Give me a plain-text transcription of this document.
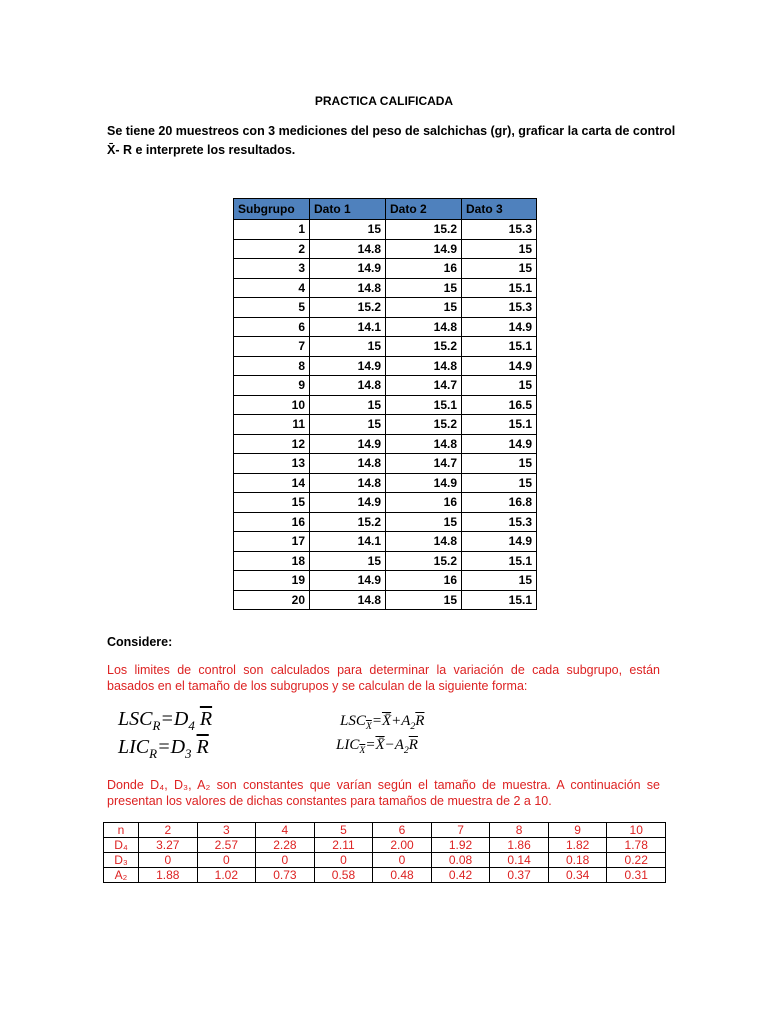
PRACTICA CALIFICADA
Se tiene 20 muestreos con 3 mediciones del peso de salchichas (gr), graficar la carta de control X̄- R e interprete los resultados.
Subgrupo	Dato 1	Dato 2	Dato 3
1	15	15.2	15.3
2	14.8	14.9	15
3	14.9	16	15
4	14.8	15	15.1
5	15.2	15	15.3
6	14.1	14.8	14.9
7	15	15.2	15.1
8	14.9	14.8	14.9
9	14.8	14.7	15
10	15	15.1	16.5
11	15	15.2	15.1
12	14.9	14.8	14.9
13	14.8	14.7	15
14	14.8	14.9	15
15	14.9	16	16.8
16	15.2	15	15.3
17	14.1	14.8	14.9
18	15	15.2	15.1
19	14.9	16	15
20	14.8	15	15.1
Considere:
Los limites de control son calculados para determinar la variación de cada subgrupo, están basados en el tamaño de los subgrupos y se calculan de la siguiente forma:
$LSC_R=D_4$ $\overline{R}$
$LIC_R=D_3$ $\overline{R}$
$LSC_{\overline{X}}=X̄+A_2\overline{R}$
$LIC_{\overline{X}}=X̄-A_2\overline{R}$
Donde D₄, D₃, A₂ son constantes que varían según el tamaño de muestra. A continuación se presentan los valores de dichas constantes para tamaños de muestra de 2 a 10.
n	2	3	4	5	6	7	8	9	10
D₄	3.27	2.57	2.28	2.11	2.00	1.92	1.86	1.82	1.78
D₃	0	0	0	0	0	0.08	0.14	0.18	0.22
A₂	1.88	1.02	0.73	0.58	0.48	0.42	0.37	0.34	0.31
